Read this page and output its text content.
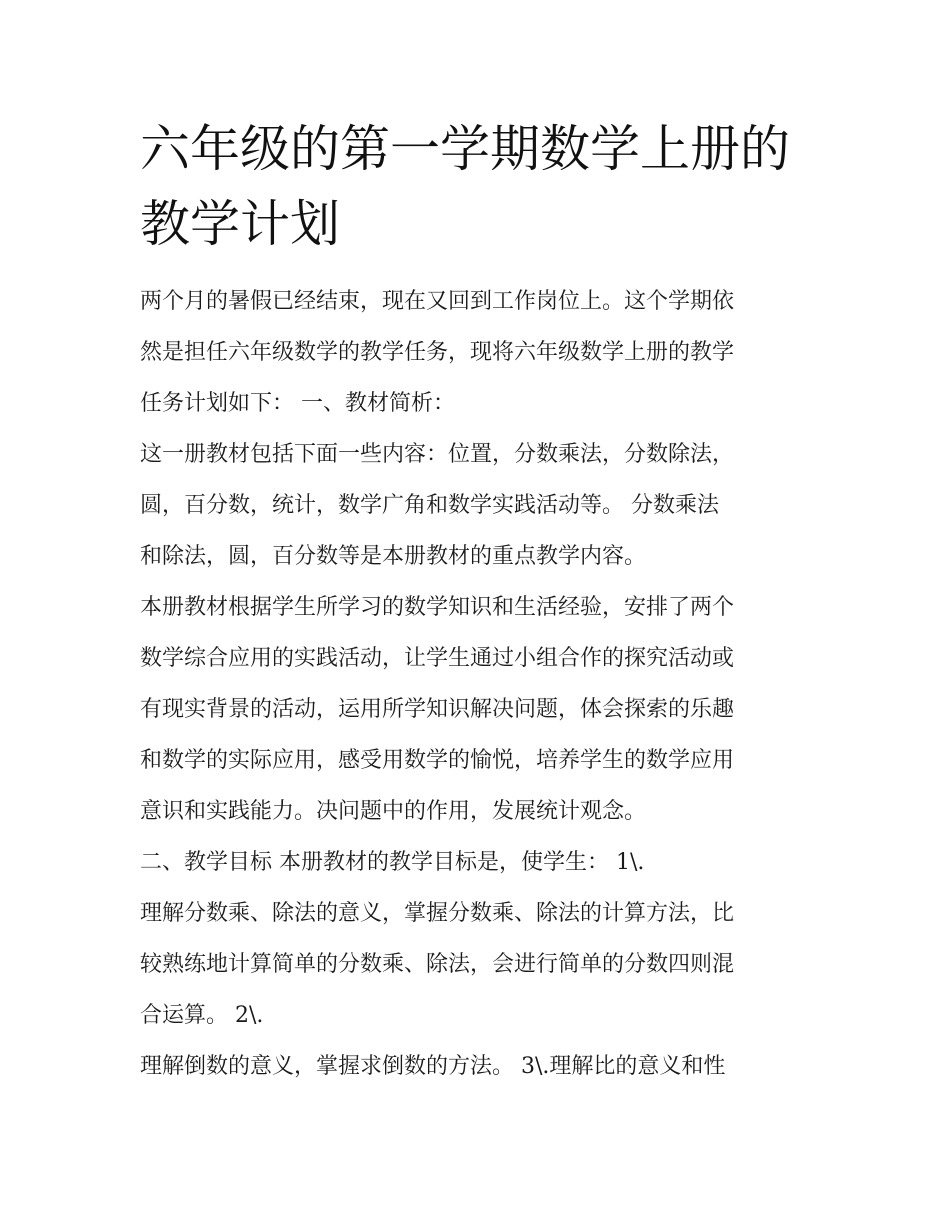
六年级的第一学期数学上册的
教学计划
两个月的暑假已经结束，现在又回到工作岗位上。这个学期依
然是担任六年级数学的教学任务，现将六年级数学上册的教学
任务计划如下： 一、教材简析：
这一册教材包括下面一些内容：位置，分数乘法，分数除法，
圆，百分数，统计，数学广角和数学实践活动等。 分数乘法
和除法，圆，百分数等是本册教材的重点教学内容。
本册教材根据学生所学习的数学知识和生活经验，安排了两个
数学综合应用的实践活动，让学生通过小组合作的探究活动或
有现实背景的活动，运用所学知识解决问题，体会探索的乐趣
和数学的实际应用，感受用数学的愉悦，培养学生的数学应用
意识和实践能力。决问题中的作用，发展统计观念。
二、教学目标 本册教材的教学目标是，使学生： 1\.
理解分数乘、除法的意义，掌握分数乘、除法的计算方法，比
较熟练地计算简单的分数乘、除法，会进行简单的分数四则混
合运算。 2\.
理解倒数的意义，掌握求倒数的方法。 3\.理解比的意义和性
